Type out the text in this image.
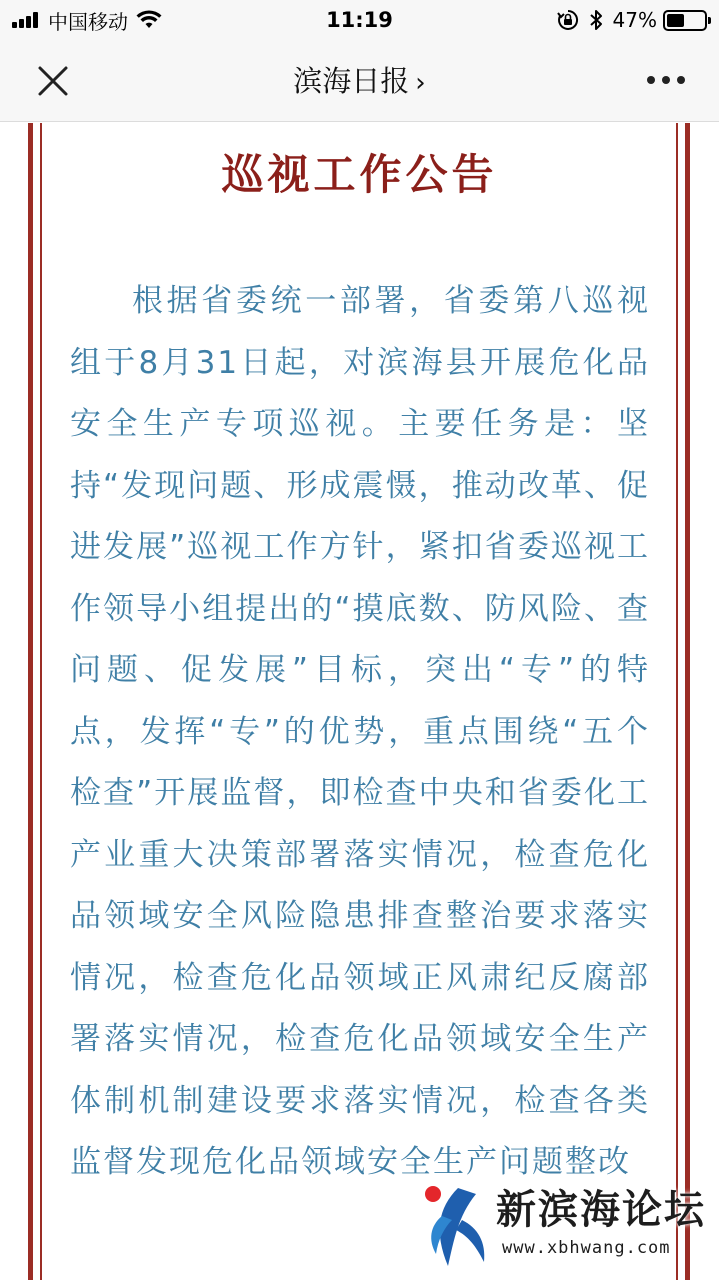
中国移动	11:19	47%
滨海日报 ›
巡视工作公告
根据省委统一部署，省委第八巡视组于8月31日起，对滨海县开展危化品安全生产专项巡视。主要任务是：坚持“发现问题、形成震慑，推动改革、促进发展”巡视工作方针，紧扣省委巡视工作领导小组提出的“摸底数、防风险、查问题、促发展”目标，突出“专”的特点，发挥“专”的优势，重点围绕“五个检查”开展监督，即检查中央和省委化工产业重大决策部署落实情况，检查危化品领域安全风险隐患排查整治要求落实情况，检查危化品领域正风肃纪反腐部署落实情况，检查危化品领域安全生产体制机制建设要求落实情况，检查各类监督发现危化品领域安全生产问题整改
新滨海论坛
www.xbhwang.com
